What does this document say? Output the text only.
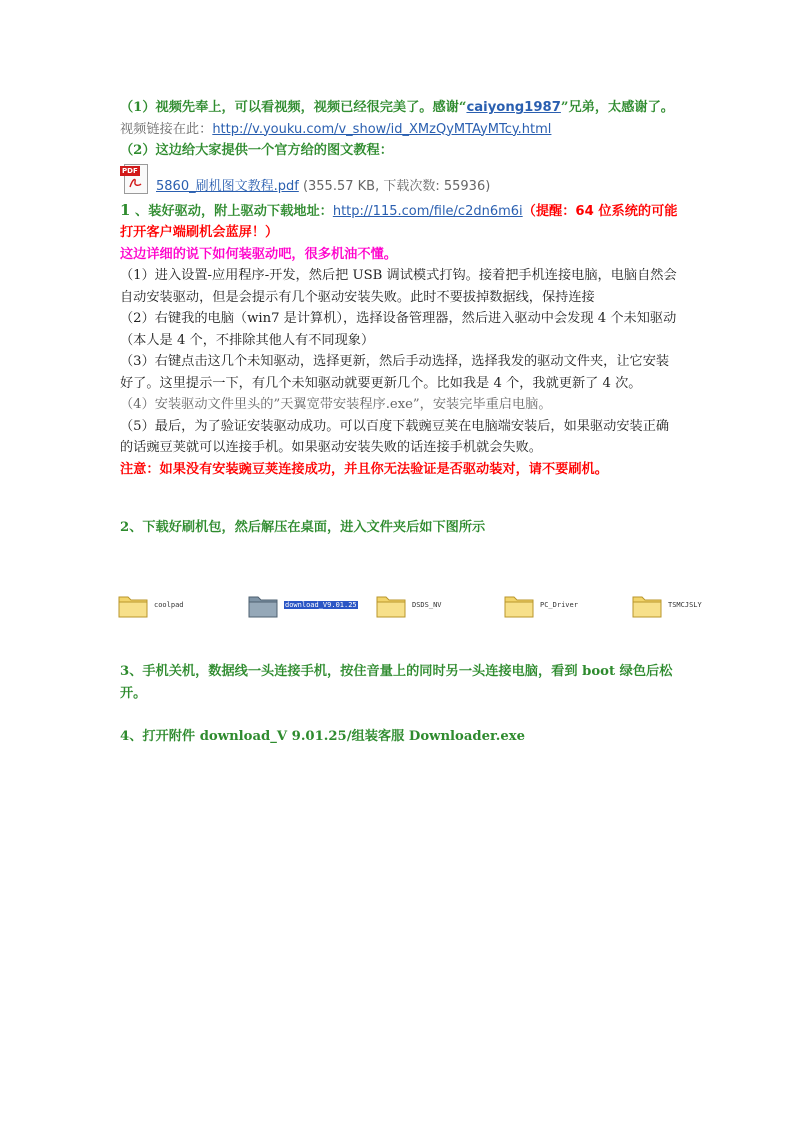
（1）视频先奉上，可以看视频，视频已经很完美了。感谢“caiyong1987”兄弟，太感谢了。
视频链接在此：http://v.youku.com/v_show/id_XMzQyMTAyMTcy.html
（2）这边给大家提供一个官方给的图文教程：
PDF
5860_刷机图文教程.pdf (355.57 KB, 下载次数: 55936)
1 、装好驱动，附上驱动下载地址：http://115.com/file/c2dn6m6i（提醒：64 位系统的可能打开客户端刷机会蓝屏！）
这边详细的说下如何装驱动吧，很多机油不懂。
（1）进入设置-应用程序-开发，然后把 USB 调试模式打钩。接着把手机连接电脑，电脑自然会自动安装驱动，但是会提示有几个驱动安装失败。此时不要拔掉数据线，保持连接
（2）右键我的电脑（win7 是计算机），选择设备管理器，然后进入驱动中会发现 4 个未知驱动（本人是 4 个，不排除其他人有不同现象）
（3）右键点击这几个未知驱动，选择更新，然后手动选择，选择我发的驱动文件夹，让它安装好了。这里提示一下，有几个未知驱动就要更新几个。比如我是 4 个，我就更新了 4 次。
（4）安装驱动文件里头的”天翼宽带安装程序.exe”，安装完毕重启电脑。
（5）最后，为了验证安装驱动成功。可以百度下载豌豆荚在电脑端安装后，如果驱动安装正确的话豌豆荚就可以连接手机。如果驱动安装失败的话连接手机就会失败。
注意：如果没有安装豌豆荚连接成功，并且你无法验证是否驱动装对，请不要刷机。
2、下载好刷机包，然后解压在桌面，进入文件夹后如下图所示
coolpad	download_V9.01.25	DSDS_NV	PC_Driver	TSMCJSLY
3、手机关机，数据线一头连接手机，按住音量上的同时另一头连接电脑，看到 boot 绿色后松开。
4、打开附件 download_V 9.01.25/组装客服 Downloader.exe
